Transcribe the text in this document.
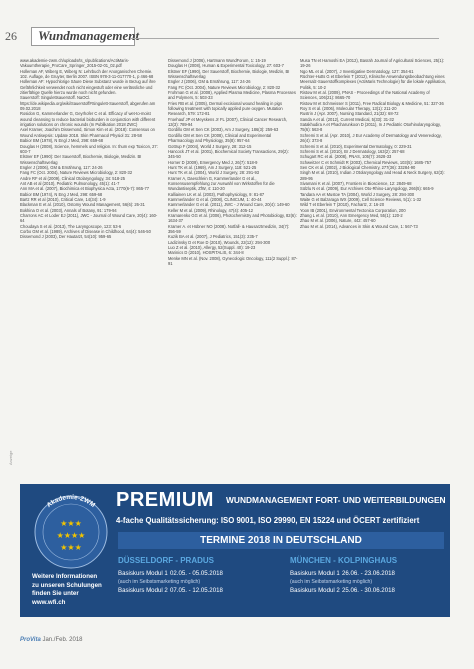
26	Wundmanagement

www.akademie-zwm.ch/uploads/ts_s/publications/ActiMaris-Vakuumtherapie_ProCare_Springer_2015-02-01_02.pdf

Holleman AF, Wiberg E, Wiberg N: Lehrbuch der Anorganischen Chemie. 102. Auflage, de Gruyter, Berlin 2007. ISBN 978-3-11-017770-1, p 466-68

Holleman AF: Hypochlorige Säure Diese Substanz wurde in Bezug auf ihre Gefährlichkeit verwendet noch nicht eingestuft oder eine verlässliche und zitierfähige Quelle hierzu wurde noch nicht gefunden.

Sauerstoff: Singulettsauerstoff. NaOCl. https://de.wikipedia.org/wiki/Sauerstoff#Singulett-Sauerstoff, abgerufen am 09.02.2018

Rosidon G, Kammerlander G, Geyrhofer C et al. Efficacy of wet-to-moist wound cleansing to reduce bacterial bioburden in conjunction with different irrigation solutions on chronic wounds (In Publikation 2018 ZWC)

Axel Kramer, Joachim Dissemond, Simon Kim et al. (2018): Consensus on Wound Antisepsis: Update 2018. Skin Pharmacol Physiol 31: 28-58

Babior BM (1978), N Engl J Med, 298: 659-68

Douglas H (2008), Science, hemmels und religion. In: thum exp Toxicon, 27: 603-7

Elstner EF (1990): Der Sauerstoff, Biochemie, Biologie, Medizin. BI Wissenschaftsverlag

Engler J (2006), GM & Ernährung, 117: 24-26

Fang FC (Oct. 2004), Nature Reviews Microbiology, 2: 820-32

Andre RF et al (2009), Clinical Otolaryngology, 34: 518-25

Ant AB et al (2010), Pediatric Pulmonology, 45(1): 41-7

Ann MA et al. (2007), Biochimica et Biophysica Acta, 1770(6-7): 865-77

Babior BM (1974), N Eng J Med, 298: 659-68

Bartz RR et al (2010), Critical Care, 14(34): 1-9

Blackman E et al. (2010), Ostomy Wound Management, 56(6): 26-31

Bokhina O et al. (2003), Annals of Botany, 91: 179-94

Charrons AC et Loder EJ (2011), JWC - Journal of Wound Care, 20(4): 160-64

Choudaya S et al. (2013), The Laryngoscope, 123: 53-6

Corbo GM et al. (1989), Archives of Disease in Childhood, 64(4): 546-50

Dissemond J (2003), Der Hautarzt, 54(10): 959-65

Dissemond J (2006), Hartmann WundForum, 1: 15-19

Douglas H (2008), Human & Experimental Toxicology, 27: 603-7

Elstner EF (1990), Der Sauerstoff, Biochemie, Biologie, Medizin, BI Wissenschaftsverlag

Engler J (2006), GM & Ernährung, 117: 24-26

Fang FC (Oct. 2004), Nature Reviews Microbiology, 2: 820-32

Frohman G et al. (2008), Applied Plasma Medicine, Plasma Processes and Polymers, 5: 503-33

Fries RB et al. (2005), Dermal excisional wound healing in pigs following treatment with topically applied pure oxygen. Mutation Research, 579: 172-81

Froehauf JP et Meyskens Jr FL (2007), Clinical Cancer Research, 13(3): 789-94

Gordillo GM et Sen CK (2003), Am J Surgery, 186(3): 259-63

Gordillo GM et Sen CK (2008), Clinical and Experimental Pharmacology and Physiology, 35(8): 957-64

Gottrup F (2004), World J Surgery, 28: 312-15

Hancock JT et al. (2001), Biochemical Society Transactions, 29(2): 345-50

Horner D (2009), Emergency Med J, 26(7): 518-9

Hunt TK et al. (1969), Am J Surgery, 118: 521-25

Hunt TK et al. (2004), World J Surgery, 28: 291-93

Kramer A, Daeschlein G, Kammerlander G et al., Konsensusempfehlung zur Auswahl von Wirkstoffen für die Wundantiseptik, ZfW, 4: 110-20

Kalliainen LK et al. (2003), Pathophysiology, 9: 81-87

Kammerlander G et al. (2008), CLINICUM, 1: 40-44

Kammerlander G et al. (2011), JWC - J Wound Care, 20(4): 149-60

Keller M et al. (2009), Rhinology, 47(4): 405-12

Kramarenko GG et al. (2006), Photochemistry and Photobiology, 82(6): 1634-37

Kramer A. et Hübner NO (2008). Notfall- & Hausarztmedizin, 34(7): 356-59

Kuzik BA et al. (2007), J Pediatrics, 151(3): 235-7

Ladizinsky D et Roe D (2010), Wounds, 22(12): 294-300

Luo Z et al. (2010), Allergy, 52(Suppl. 40): 19-23

Marinics D (2010), HOSPITALIS, 6: 344-8

Menke MN et al. (Nov. 2008), Gynecologic Oncology, 111(2 Suppl.): 87-91

Musa TN et Hamoshi EA (2012), Basrah Journal of Agricultural Sciences, 25(1): 19-26

Ngo ML et al. (2007), J Investigative Dermatology, 127: 354-61

Rüchter-Hutts G et Eberlein T (2012), Klinische Anwendungsbeobachtung eines Meersalz-Sauerstoffkomplexes (ActiMaris Technologie) für die lokale Applikation, Politik, 5: 10-2

Ristow M et al. (2009), PNAS - Proceedings of the National Academy of Sciences, 106(21): 8665-70

Ristow M et Schmeisser S (2011), Free Radical Biology & Medicine, 51: 327-36

Roy S et al. (2006), Molecular Therapy, 13(1): 211-20

Rustrin J (Apr. 2007), Nursing Standard, 21(32): 68-72

Sanda A et al. (2012), Current Medical, 5(33): 31-32

Satakhudira A et Phacharunkoon D (2011), In J Pediatric Otorhinolaryngology, 75(6): 563-8

Schremi S et al. (Apr. 2010), J Eur Academy of Dermatology and Venereology, 26(4): 373-8

Schremi S et al. (2010), Experimental Dermatology, 0: 229-31

Schremi S et al. (2010), Br J Dermatology, 163(2): 257-68

Schugart RC et al. (2008), PNAS, 105(7): 2628-33

Schweitzer C et Schmidt R (2003), Chemical Reviews, 103(5): 1685-757

Sen CK et al. (2002), J Biological Chemistry, 277(36): 33284-90

Singh M et al. (2010), Indian J Otolaryngology and Head & Neck Surgery, 62(3): 289-95

Sivamani K et al. (2007), Frontiers in Bioscience, 12: 2849-68

Sülzlu N et al. (2009), Eur Archives Oto-Rhino-Laryngology, 266(5): 665-9

Tandara AA et Mustoe TA (2004), World J Surgery, 28: 294-300

Waite G et Balzaraga WX (2009), Cell Science Reviews, 5(1): 1-32

Wild T et Eberlein T (2010), Fachartz, 2: 16-20

Yoon IB (2001), Environmental Tectonica Corporation, 200

Zhang L et al. (2010), Ann Emergency Med, 55(1): 120-2

Zhao M et al. (2006), Nature, 442: 457-60

Zhao M et al. (2014), Advances in Skin & Wound Care, 1: 567-73

Anzeige
Akademie-ZWM
★★★
★★★★
★★★
PREMIUM WUNDMANAGEMENT FORT- UND WEITERBILDUNGEN
4-fache Qualitätssicherung: ISO 9001, ISO 29990, EN 15224 und ÖCERT zertifiziert
TERMINE 2018 IN DEUTSCHLAND
Weitere Informationen
zu unseren Schulungen
finden Sie unter
www.wfi.ch
DÜSSELDORF - PRADUS
Basiskurs Modul 1 02.05. - 05.05.2018
(auch im Seibstsmarketing möglich)
Basiskurs Modul 2 07.05. - 12.05.2018
MÜNCHEN - KOLPINGHAUS
Basiskurs Modul 1 26.06. - 23.06.2018
(auch im Seibstsmarketing möglich)
Basiskurs Modul 2 25.06. - 30.06.2018
ProVita Jan./Feb. 2018
